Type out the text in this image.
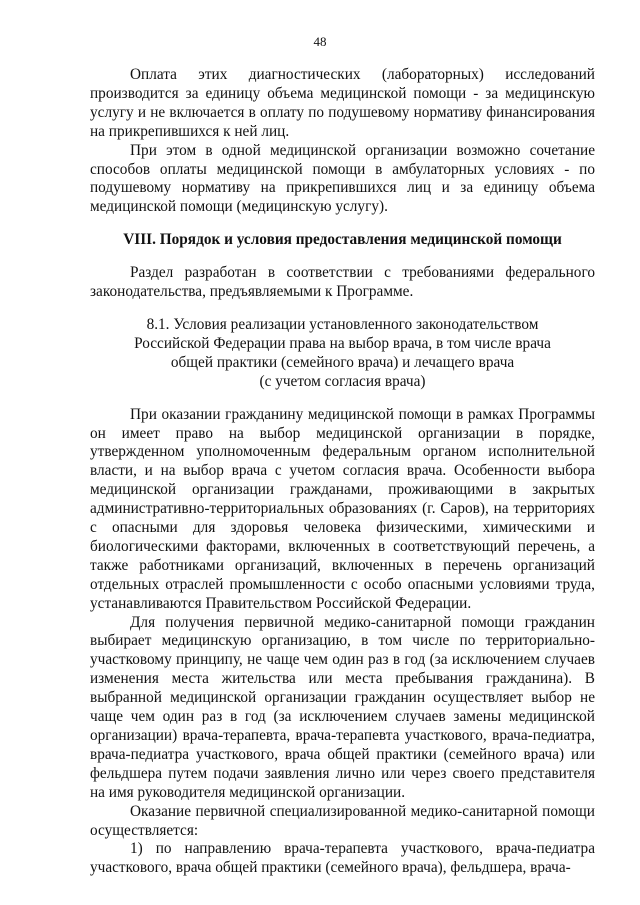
48

Оплата этих диагностических (лабораторных) исследований производится за единицу объема медицинской помощи - за медицинскую услугу и не включается в оплату по подушевому нормативу финансирования на прикрепившихся к ней лиц.

При этом в одной медицинской организации возможно сочетание способов оплаты медицинской помощи в амбулаторных условиях - по подушевому нормативу на прикрепившихся лиц и за единицу объема медицинской помощи (медицинскую услугу).

VIII. Порядок и условия предоставления медицинской помощи

Раздел разработан в соответствии с требованиями федерального законодательства, предъявляемыми к Программе.

8.1. Условия реализации установленного законодательством
Российской Федерации права на выбор врача, в том числе врача
общей практики (семейного врача) и лечащего врача
(с учетом согласия врача)

При оказании гражданину медицинской помощи в рамках Программы он имеет право на выбор медицинской организации в порядке, утвержденном уполномоченным федеральным органом исполнительной власти, и на выбор врача с учетом согласия врача. Особенности выбора медицинской организации гражданами, проживающими в закрытых административно-территориальных образованиях (г. Саров), на территориях с опасными для здоровья человека физическими, химическими и биологическими факторами, включенных в соответствующий перечень, а также работниками организаций, включенных в перечень организаций отдельных отраслей промышленности с особо опасными условиями труда, устанавливаются Правительством Российской Федерации.

Для получения первичной медико-санитарной помощи гражданин выбирает медицинскую организацию, в том числе по территориально-участковому принципу, не чаще чем один раз в год (за исключением случаев изменения места жительства или места пребывания гражданина). В выбранной медицинской организации гражданин осуществляет выбор не чаще чем один раз в год (за исключением случаев замены медицинской организации) врача-терапевта, врача-терапевта участкового, врача-педиатра, врача-педиатра участкового, врача общей практики (семейного врача) или фельдшера путем подачи заявления лично или через своего представителя на имя руководителя медицинской организации.

Оказание первичной специализированной медико-санитарной помощи осуществляется:

1) по направлению врача-терапевта участкового, врача-педиатра участкового, врача общей практики (семейного врача), фельдшера, врача-
